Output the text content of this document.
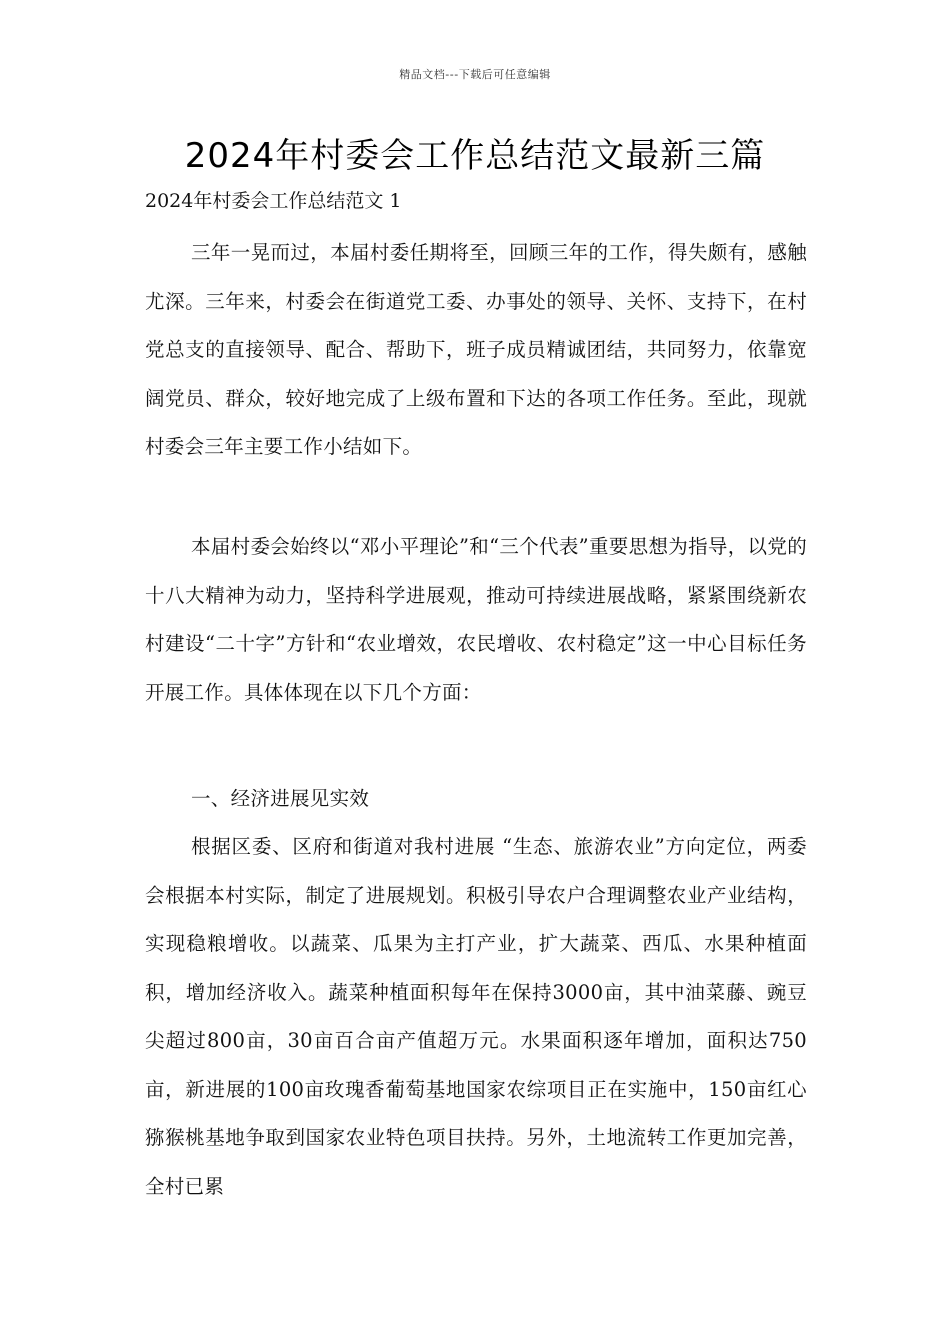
精品文档---下载后可任意编辑
2024年村委会工作总结范文最新三篇
2024年村委会工作总结范文 1

三年一晃而过，本届村委任期将至，回顾三年的工作，得失颇有，感触尤深。三年来，村委会在街道党工委、办事处的领导、关怀、支持下，在村党总支的直接领导、配合、帮助下，班子成员精诚团结，共同努力，依靠宽阔党员、群众，较好地完成了上级布置和下达的各项工作任务。至此，现就村委会三年主要工作小结如下。

本届村委会始终以“邓小平理论”和“三个代表”重要思想为指导，以党的十八大精神为动力，坚持科学进展观，推动可持续进展战略，紧紧围绕新农村建设“二十字”方针和“农业增效，农民增收、农村稳定”这一中心目标任务开展工作。具体体现在以下几个方面：

一、经济进展见实效

根据区委、区府和街道对我村进展 “生态、旅游农业”方向定位，两委会根据本村实际，制定了进展规划。积极引导农户合理调整农业产业结构，实现稳粮增收。以蔬菜、瓜果为主打产业，扩大蔬菜、西瓜、水果种植面积，增加经济收入。蔬菜种植面积每年在保持3000亩，其中油菜藤、豌豆尖超过800亩，30亩百合亩产值超万元。水果面积逐年增加，面积达750亩，新进展的100亩玫瑰香葡萄基地国家农综项目正在实施中，150亩红心猕猴桃基地争取到国家农业特色项目扶持。另外，土地流转工作更加完善，全村已累
